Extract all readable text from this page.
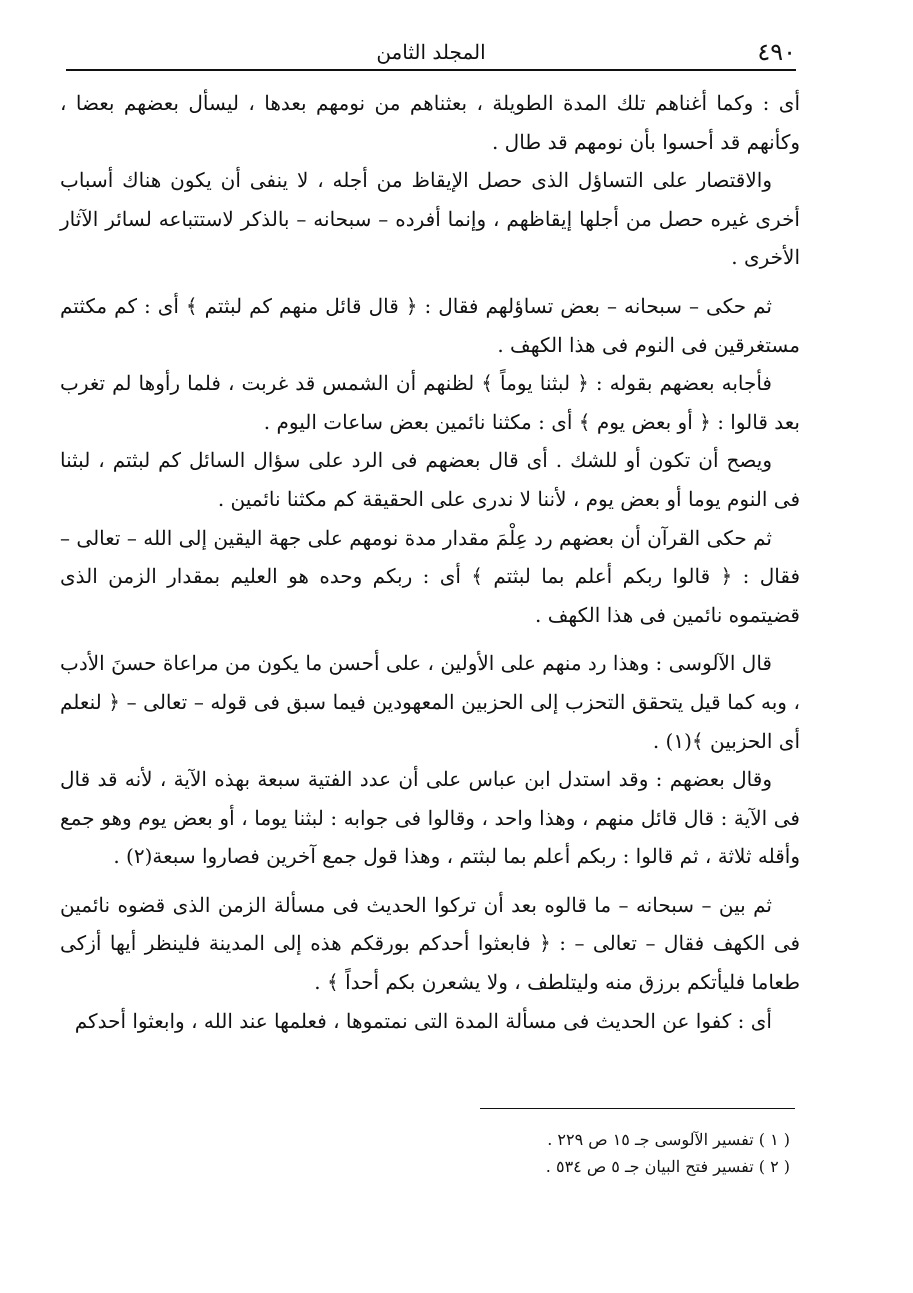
٤٩٠
المجلد الثامن

أى : وكما أغناهم تلك المدة الطويلة ، بعثناهم من نومهم بعدها ، ليسأل بعضهم بعضا ، وكأنهم قد أحسوا بأن نومهم قد طال .

والاقتصار على التساؤل الذى حصل الإيقاظ من أجله ، لا ينفى أن يكون هناك أسباب أخرى غيره حصل من أجلها إيقاظهم ، وإنما أفرده – سبحانه – بالذكر لاستتباعه لسائر الآثار الأخرى .

ثم حكى – سبحانه – بعض تساؤلهم فقال : ﴿ قال قائل منهم كم لبثتم ﴾ أى : كم مكثتم مستغرقين فى النوم فى هذا الكهف .

فأجابه بعضهم بقوله : ﴿ لبثنا يوماً ﴾ لظنهم أن الشمس قد غربت ، فلما رأوها لم تغرب بعد قالوا : ﴿ أو بعض يوم ﴾ أى : مكثنا نائمين بعض ساعات اليوم .

ويصح أن تكون أو للشك . أى قال بعضهم فى الرد على سؤال السائل كم لبثتم ، لبثنا فى النوم يوما أو بعض يوم ، لأننا لا ندرى على الحقيقة كم مكثنا نائمين .

ثم حكى القرآن أن بعضهم رد عِلْمَ مقدار مدة نومهم على جهة اليقين إلى الله – تعالى – فقال : ﴿ قالوا ربكم أعلم بما لبثتم ﴾ أى : ربكم وحده هو العليم بمقدار الزمن الذى قضيتموه نائمين فى هذا الكهف .

قال الآلوسى : وهذا رد منهم على الأولين ، على أحسن ما يكون من مراعاة حسنَ الأدب ، وبه كما قيل يتحقق التحزب إلى الحزبين المعهودين فيما سبق فى قوله – تعالى – ﴿ لنعلم أى الحزبين ﴾(١) .

وقال بعضهم : وقد استدل ابن عباس على أن عدد الفتية سبعة بهذه الآية ، لأنه قد قال فى الآية : قال قائل منهم ، وهذا واحد ، وقالوا فى جوابه : لبثنا يوما ، أو بعض يوم وهو جمع وأقله ثلاثة ، ثم قالوا : ربكم أعلم بما لبثتم ، وهذا قول جمع آخرين فصاروا سبعة(٢) .

ثم بين – سبحانه – ما قالوه بعد أن تركوا الحديث فى مسألة الزمن الذى قضوه نائمين فى الكهف فقال – تعالى – : ﴿ فابعثوا أحدكم بورقكم هذه إلى المدينة فلينظر أيها أزكى طعاما فليأتكم برزق منه وليتلطف ، ولا يشعرن بكم أحداً ﴾ .

أى : كفوا عن الحديث فى مسألة المدة التى نمتموها ، فعلمها عند الله ، وابعثوا أحدكم

( ١ ) تفسير الآلوسى جـ ١٥ ص ٢٢٩ .

( ٢ ) تفسير فتح البيان جـ ٥ ص ٥٣٤ .
